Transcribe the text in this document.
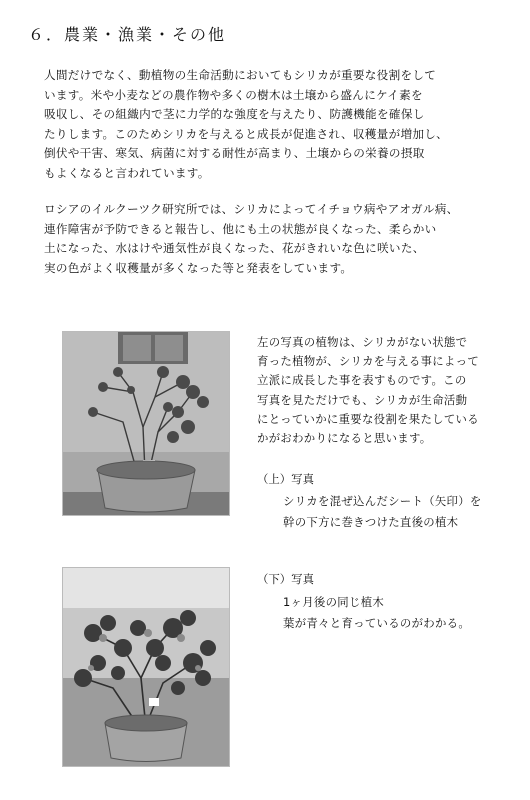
６．農業・漁業・その他
人間だけでなく、動植物の生命活動においてもシリカが重要な役割をして
います。米や小麦などの農作物や多くの樹木は土壌から盛んにケイ素を
吸収し、その組織内で茎に力学的な強度を与えたり、防護機能を確保し
たりします。このためシリカを与えると成長が促進され、収穫量が増加し、
倒伏や干害、寒気、病菌に対する耐性が高まり、土壌からの栄養の摂取
もよくなると言われています。
ロシアのイルクーツク研究所では、シリカによってイチョウ病やアオガル病、
連作障害が予防できると報告し、他にも土の状態が良くなった、柔らかい
土になった、水はけや通気性が良くなった、花がきれいな色に咲いた、
実の色がよく収穫量が多くなった等と発表をしています。
左の写真の植物は、シリカがない状態で
育った植物が、シリカを与える事によって
立派に成長した事を表すものです。この
写真を見ただけでも、シリカが生命活動
にとっていかに重要な役割を果たしている
かがおわかりになると思います。
（上）写真
シリカを混ぜ込んだシート（矢印）を
幹の下方に巻きつけた直後の植木
（下）写真
1ヶ月後の同じ植木
葉が青々と育っているのがわかる。
